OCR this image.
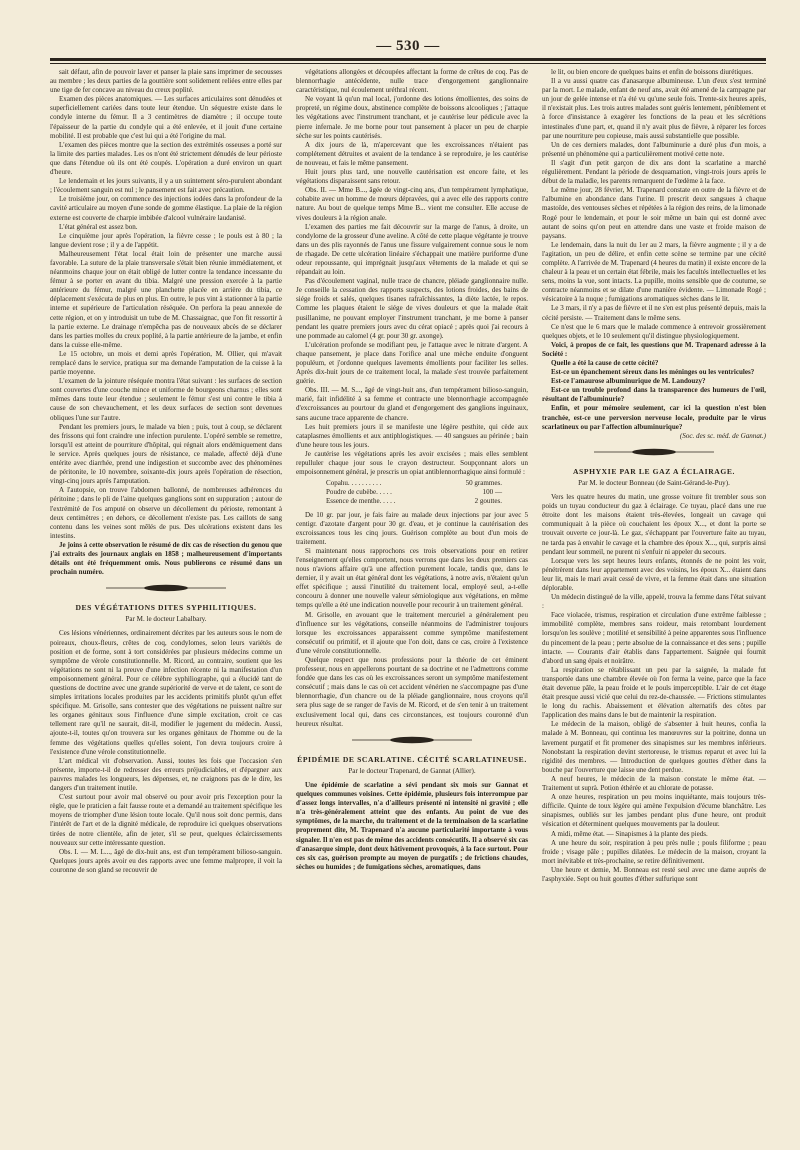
— 530 —

sait défaut, afin de pouvoir laver et panser la plaie sans imprimer de secousses au membre ; les deux parties de la gouttière sont solidement reliées entre elles par une tige de fer concave au niveau du creux poplité.

Examen des pièces anatomiques. — Les surfaces articulaires sont dénudées et superficiellement cariées dans toute leur étendue. Un séquestre existe dans le condyle interne du fémur. Il a 3 centimètres de diamètre ; il occupe toute l'épaisseur de la partie du condyle qui a été enlevée, et il jouit d'une certaine mobilité. Il est probable que c'est lui qui a été l'origine du mal.

L'examen des pièces montre que la section des extrémités osseuses a porté sur la limite des parties malades. Les os n'ont été strictement dénudés de leur périoste que dans l'étendue où ils ont été coupés. L'opération a duré environ un quart d'heure.

Le lendemain et les jours suivants, il y a un suintement séro-purulent abondant ; l'écoulement sanguin est nul ; le pansement est fait avec précaution.

Le troisième jour, on commence des injections iodées dans la profondeur de la cavité articulaire au moyen d'une sonde de gomme élastique. La plaie de la région externe est couverte de charpie imbibée d'alcool vulnéraire laudanisé.

L'état général est assez bon.

Le cinquième jour après l'opération, la fièvre cesse ; le pouls est à 80 ; la langue devient rose ; il y a de l'appétit.

Malheureusement l'état local était loin de présenter une marche aussi favorable. La suture de la plaie transversale s'était bien réunie immédiatement, et néanmoins chaque jour on était obligé de lutter contre la tendance incessante du fémur à se porter en avant du tibia. Malgré une pression exercée à la partie antérieure du fémur, malgré une planchette placée en arrière du tibia, ce déplacement s'exécuta de plus en plus. En outre, le pus vint à stationner à la partie interne et supérieure de l'articulation réséquée. On perfora la peau annexée de cette région, et on y introduisit un tube de M. Chassaignac, que l'on fit ressortir à la partie externe. Le drainage n'empêcha pas de nouveaux abcès de se déclarer dans les parties molles du creux poplité, à la partie antérieure de la jambe, et enfin dans la cuisse elle-même.

Le 15 octobre, un mois et demi après l'opération, M. Ollier, qui m'avait remplacé dans le service, pratiqua sur ma demande l'amputation de la cuisse à la partie moyenne.

L'examen de la jointure réséquée montra l'état suivant : les surfaces de section sont couvertes d'une couche mince et uniforme de bourgeons charnus ; elles sont mêmes dans toute leur étendue ; seulement le fémur s'est uni contre le tibia à cause de son chevauchement, et les deux surfaces de section sont devenues obliques l'une sur l'autre.

Pendant les premiers jours, le malade va bien ; puis, tout à coup, se déclarent des frissons qui font craindre une infection purulente. L'opéré semble se remettre, lorsqu'il est atteint de pourriture d'hôpital, qui régnait alors endémiquement dans le service. Après quelques jours de résistance, ce malade, affecté déjà d'une entérite avec diarrhée, prend une indigestion et succombe avec des phénomènes de péritonite, le 10 novembre, soixante-dix jours après l'opération de résection, vingt-cinq jours après l'amputation.

A l'autopsie, on trouve l'abdomen ballonné, de nombreuses adhérences du péritoine ; dans le pli de l'aine quelques ganglions sont en suppuration ; autour de l'extrémité de l'os amputé on observe un décollement du périoste, remontant à deux centimètres ; en dehors, ce décollement n'existe pas. Les caillots de sang contenu dans les veines sont mêlés de pus. Des ulcérations existent dans les intestins.

Je joins à cette observation le résumé de dix cas de résection du genou que j'ai extraits des journaux anglais en 1858 ; malheureusement d'importants détails ont été fréquemment omis. Nous publierons ce résumé dans un prochain numéro.

DES VÉGÉTATIONS DITES SYPHILITIQUES.
Par M. le docteur Labalbary.

Ces lésions vénériennes, ordinairement décrites par les auteurs sous le nom de poireaux, choux-fleurs, crêtes de coq, condylomes, selon leurs variétés de position et de forme, sont à tort considérées par plusieurs médecins comme un symptôme de vérole constitutionnelle. M. Ricord, au contraire, soutient que les végétations ne sont ni la preuve d'une infection récente ni la manifestation d'un empoisonnement général. Pour ce célèbre syphiliographe, qui a élucidé tant de questions de doctrine avec une grande supériorité de verve et de talent, ce sont de simples irritations locales produites par les accidents primitifs plutôt qu'un effet spécifique. M. Grisolle, sans contester que des végétations ne puissent naître sur les organes génitaux sous l'influence d'une simple excitation, croit ce cas tellement rare qu'il ne saurait, dit-il, modifier le jugement du médecin. Aussi, ajoute-t-il, toutes qu'on trouvera sur les organes génitaux de l'homme ou de la femme des végétations quelles qu'elles soient, l'on devra toujours croire à l'existence d'une vérole constitutionnelle.

L'art médical vit d'observation. Aussi, toutes les fois que l'occasion s'en présente, importe-t-il de redresser des erreurs préjudiciables, et d'épargner aux pauvres malades les longueurs, les dépenses, et, ne craignons pas de le dire, les dangers d'un traitement inutile.

C'est surtout pour avoir mal observé ou pour avoir pris l'exception pour la règle, que le praticien a fait fausse route et a demandé au traitement spécifique les moyens de triompher d'une lésion toute locale. Qu'il nous soit donc permis, dans l'intérêt de l'art et de la dignité médicale, de reproduire ici quelques observations tirées de notre clientèle, afin de jeter, s'il se peut, quelques éclaircissements nouveaux sur cette intéressante question.

Obs. I. — M. L..., âgé de dix-huit ans, est d'un tempérament bilioso-sanguin. Quelques jours après avoir eu des rapports avec une femme malpropre, il voit la couronne de son gland se recouvrir de

végétations allongées et découpées affectant la forme de crêtes de coq. Pas de blennorrhagie antécédente, nulle trace d'engorgement ganglionnaire caractéristique, nul écoulement uréthral récent.

Ne voyant là qu'un mal local, j'ordonne des lotions émollientes, des soins de propreté, un régime doux, abstinence complète de boissons alcooliques ; j'attaque les végétations avec l'instrument tranchant, et je cautérise leur pédicule avec la pierre infernale. Je me borne pour tout pansement à placer un peu de charpie sèche sur les points cautérisés.

A dix jours de là, m'apercevant que les excroissances n'étaient pas complétement détruites et avaient de la tendance à se reproduire, je les cautérise de nouveau, et fais le même pansement.

Huit jours plus tard, une nouvelle cautérisation est encore faite, et les végétations disparaissent sans retour.

Obs. II. — Mme B..., âgée de vingt-cinq ans, d'un tempérament lymphatique, cohabite avec un homme de mœurs dépravées, qui a avec elle des rapports contre nature. Au bout de quelque temps Mme B... vient me consulter. Elle accuse de vives douleurs à la région anale.

L'examen des parties me fait découvrir sur la marge de l'anus, à droite, un condylome de la grosseur d'une aveline. A côté de cette plaque végétante je trouve dans un des plis rayonnés de l'anus une fissure vulgairement connue sous le nom de rhagade. De cette ulcération linéaire s'échappait une matière puriforme d'une odeur repoussante, qui imprégnait jusqu'aux vêtements de la malade et qui se répandait au loin.

Pas d'écoulement vaginal, nulle trace de chancre, pléiade ganglionnaire nulle. Je conseille la cessation des rapports suspects, des lotions froides, des bains de siége froids et salés, quelques tisanes rafraîchissantes, la diète lactée, le repos. Comme les plaques étaient le siége de vives douleurs et que la malade était pusillanime, ne pouvant employer l'instrument tranchant, je me borne à panser pendant les quatre premiers jours avec du cérat opiacé ; après quoi j'ai recours à une pommade au calomel (4 gr. pour 30 gr. axonge).

L'ulcération profonde se modifiant peu, je l'attaque avec le nitrate d'argent. A chaque pansement, je place dans l'orifice anal une mèche enduite d'onguent populéum, et j'ordonne quelques lavements émollients pour faciliter les selles. Après dix-huit jours de ce traitement local, la malade s'est trouvée parfaitement guérie.

Obs. III. — M. S..., âgé de vingt-huit ans, d'un tempérament bilioso-sanguin, marié, fait infidélité à sa femme et contracte une blennorrhagie accompagnée d'excroissances au pourtour du gland et d'engorgement des ganglions inguinaux, sans aucune trace apparente de chancre.

Les huit premiers jours il se manifeste une légère pesthite, qui cède aux cataplasmes émollients et aux antiphlogistiques. — 40 sangsues au périnée ; bain d'une heure tous les jours.

Je cautérise les végétations après les avoir excisées ; mais elles semblent repulluler chaque jour sous le crayon destructeur. Soupçonnant alors un empoisonnement général, je prescris un opiat antiblennorrhagique ainsi formulé :

Copahu. . . . . . . . . .	50 grammes.
Poudre de cubèbe. . . . .	100 —
Essence de menthe. . . . .	2 gouttes.

De 10 gr. par jour, je fais faire au malade deux injections par jour avec 5 centigr. d'azotate d'argent pour 30 gr. d'eau, et je continue la cautérisation des excroissances tous les cinq jours. Guérison complète au bout d'un mois de traitement.

Si maintenant nous rapprochons ces trois observations pour en retirer l'enseignement qu'elles comportent, nous verrons que dans les deux premiers cas nous n'avions affaire qu'à une affection purement locale, tandis que, dans le dernier, il y avait un état général dont les végétations, à notre avis, n'étaient qu'un effet spécifique ; aussi l'inutilité du traitement local, employé seul, a-t-elle concouru à donner une nouvelle valeur sémiologique aux végétations, en même temps qu'elle a été une indication nouvelle pour recourir à un traitement général.

M. Grisolle, en avouant que le traitement mercuriel a généralement peu d'influence sur les végétations, conseille néanmoins de l'administrer toujours lorsque les excroissances apparaissent comme symptôme manifestement consécutif ou primitif, et il ajoute que l'on doit, dans ce cas, croire à l'existence d'une vérole constitutionnelle.

Quelque respect que nous professions pour la théorie de cet éminent professeur, nous en appellerons pourtant de sa doctrine et ne l'admettrons comme fondée que dans les cas où les excroissances seront un symptôme manifestement consécutif ; mais dans le cas où cet accident vénérien ne s'accompagne pas d'une blennorrhagie, d'un chancre ou de la pléiade ganglionnaire, nous croyons qu'il sera plus sage de se ranger de l'avis de M. Ricord, et de s'en tenir à un traitement exclusivement local qui, dans ces circonstances, est toujours couronné d'un heureux résultat.

ÉPIDÉMIE DE SCARLATINE. CÉCITÉ SCARLATINEUSE.
Par le docteur Trapenard, de Gannat (Allier).

Une épidémie de scarlatine a sévi pendant six mois sur Gannat et quelques communes voisines. Cette épidémie, plusieurs fois interrompue par d'assez longs intervalles, n'a d'ailleurs présenté ni intensité ni gravité ; elle n'a très-généralement atteint que des enfants. Au point de vue des symptômes, de la marche, du traitement et de la terminaison de la scarlatine proprement dite, M. Trapenard n'a aucune particularité importante à vous signaler. Il n'en est pas de même des accidents consécutifs. Il a observé six cas d'anasarque simple, dont deux hâtivement provoqués, à la face surtout. Pour ces six cas, guérison prompte au moyen de purgatifs ; de frictions chaudes, sèches ou humides ; de fumigations sèches, aromatiques, dans

le lit, ou bien encore de quelques bains et enfin de boissons diurétiques.

Il a vu aussi quatre cas d'anasarque albumineuse. L'un d'eux s'est terminé par la mort. Le malade, enfant de neuf ans, avait été amené de la campagne par un jour de gelée intense et n'a été vu qu'une seule fois. Trente-six heures après, il n'existait plus. Les trois autres malades sont guéris lentement, péniblement et à force d'insistance à exagérer les fonctions de la peau et les sécrétions intestinales d'une part, et, quand il n'y avait plus de fièvre, à réparer les forces par une nourriture peu copieuse, mais aussi substantielle que possible.

Un de ces derniers malades, dont l'albuminurie a duré plus d'un mois, a présenté un phénomène qui a particulièrement motivé cette note.

Il s'agit d'un petit garçon de dix ans dont la scarlatine a marché régulièrement. Pendant la période de desquamation, vingt-trois jours après le début de la maladie, les parents remarquent de l'œdème à la face.

Le même jour, 28 février, M. Trapenard constate en outre de la fièvre et de l'albumine en abondance dans l'urine. Il prescrit deux sangsues à chaque mastoïde, des ventouses sèches et répétées à la région des reins, de la limonade Rogé pour le lendemain, et pour le soir même un bain qui est donné avec autant de soins qu'on peut en attendre dans une vaste et froide maison de paysans.

Le lendemain, dans la nuit du 1er au 2 mars, la fièvre augmente ; il y a de l'agitation, un peu de délire, et enfin cette scène se termine par une cécité complète. A l'arrivée de M. Trapenard (4 heures du matin) il existe encore de la chaleur à la peau et un certain état fébrile, mais les facultés intellectuelles et les sens, moins la vue, sont intacts. La pupille, moins sensible que de coutume, se contracte néanmoins et se dilate d'une manière évidente. — Limonade Rogé ; vésicatoire à la nuque ; fumigations aromatiques sèches dans le lit.

Le 3 mars, il n'y a pas de fièvre et il ne s'en est plus présenté depuis, mais la cécité persiste. — Traitement dans le même sens.

Ce n'est que le 6 mars que le malade commence à entrevoir grossièrement quelques objets, et le 10 seulement qu'il distingue physiologiquement.

Voici, à propos de ce fait, les questions que M. Trapenard adresse à la Société :

Quelle a été la cause de cette cécité?

Est-ce un épanchement séreux dans les méninges ou les ventricules?

Est-ce l'amaurose albuminurique de M. Landouzy?

Est-ce un trouble profond dans la transparence des humeurs de l'œil, résultant de l'albuminurie?

Enfin, et pour mémoire seulement, car ici la question n'est bien tranchée, est-ce une perversion nerveuse locale, produite par le virus scarlatineux ou par l'affection albuminurique?

(Soc. des sc. méd. de Gannat.)

ASPHYXIE PAR LE GAZ A ÉCLAIRAGE.
Par M. le docteur Bonneau (de Saint-Gérand-le-Puy).

Vers les quatre heures du matin, une grosse voiture fit trembler sous son poids un tuyau conducteur du gaz à éclairage. Ce tuyau, placé dans une rue étroite dont les maisons étaient très-élevées, longeait un cavage qui communiquait à la pièce où couchaient les époux X..., et dont la porte se trouvait ouverte ce jour-là. Le gaz, s'échappant par l'ouverture faite au tuyau, ne tarda pas à envahir le cavage et la chambre des époux X..., qui, surpris ainsi pendant leur sommeil, ne purent ni s'enfuir ni appeler du secours.

Lorsque vers les sept heures leurs enfants, étonnés de ne point les voir, pénétrèrent dans leur appartement avec des voisins, les époux X... étaient dans leur lit, mais le mari avait cessé de vivre, et la femme était dans une situation déplorable.

Un médecin distingué de la ville, appelé, trouva la femme dans l'état suivant :

Face violacée, trismus, respiration et circulation d'une extrême faiblesse ; immobilité complète, membres sans roideur, mais retombant lourdement lorsqu'on les soulève ; motilité et sensibilité à peine apparentes sous l'influence du pincement de la peau ; perte absolue de la connaissance et des sens ; pupille intacte. — Courants d'air établis dans l'appartement. Saignée qui fournit d'abord un sang épais et noirâtre.

La respiration se rétablissant un peu par la saignée, la malade fut transportée dans une chambre élevée où l'on ferma la veine, parce que la face était devenue pâle, la peau froide et le pouls imperceptible. L'air de cet étage était presque aussi vicié que celui du rez-de-chaussée. — Frictions stimulantes le long du rachis. Abaissement et élévation alternatifs des côtes par l'application des mains dans le but de maintenir la respiration.

Le médecin de la maison, obligé de s'absenter à huit heures, confia la malade à M. Bonneau, qui continua les manœuvres sur la poitrine, donna un lavement purgatif et fit promener des sinapismes sur les membres inférieurs. Nonobstant la respiration devint stertoreuse, le trismus reparut et avec lui la rigidité des membres. — Introduction de quelques gouttes d'éther dans la bouche par l'ouverture que laisse une dent perdue.

A neuf heures, le médecin de la maison constate le même état. — Traitement ut suprà. Potion éthérée et au chlorate de potasse.

A onze heures, respiration un peu moins inquiétante, mais toujours très-difficile. Quinte de toux légère qui amène l'expulsion d'écume blanchâtre. Les sinapismes, oubliés sur les jambes pendant plus d'une heure, ont produit vésication et déterminent quelques mouvements par la douleur.

A midi, même état. — Sinapismes à la plante des pieds.

A une heure du soir, respiration à peu près nulle ; pouls filiforme ; peau froide ; visage pâle ; pupilles dilatées. Le médecin de la maison, croyant la mort inévitable et très-prochaine, se retire définitivement.

Une heure et demie, M. Bonneau est resté seul avec une dame auprès de l'asphyxiée. Sept ou huit gouttes d'éther sulfurique sont
